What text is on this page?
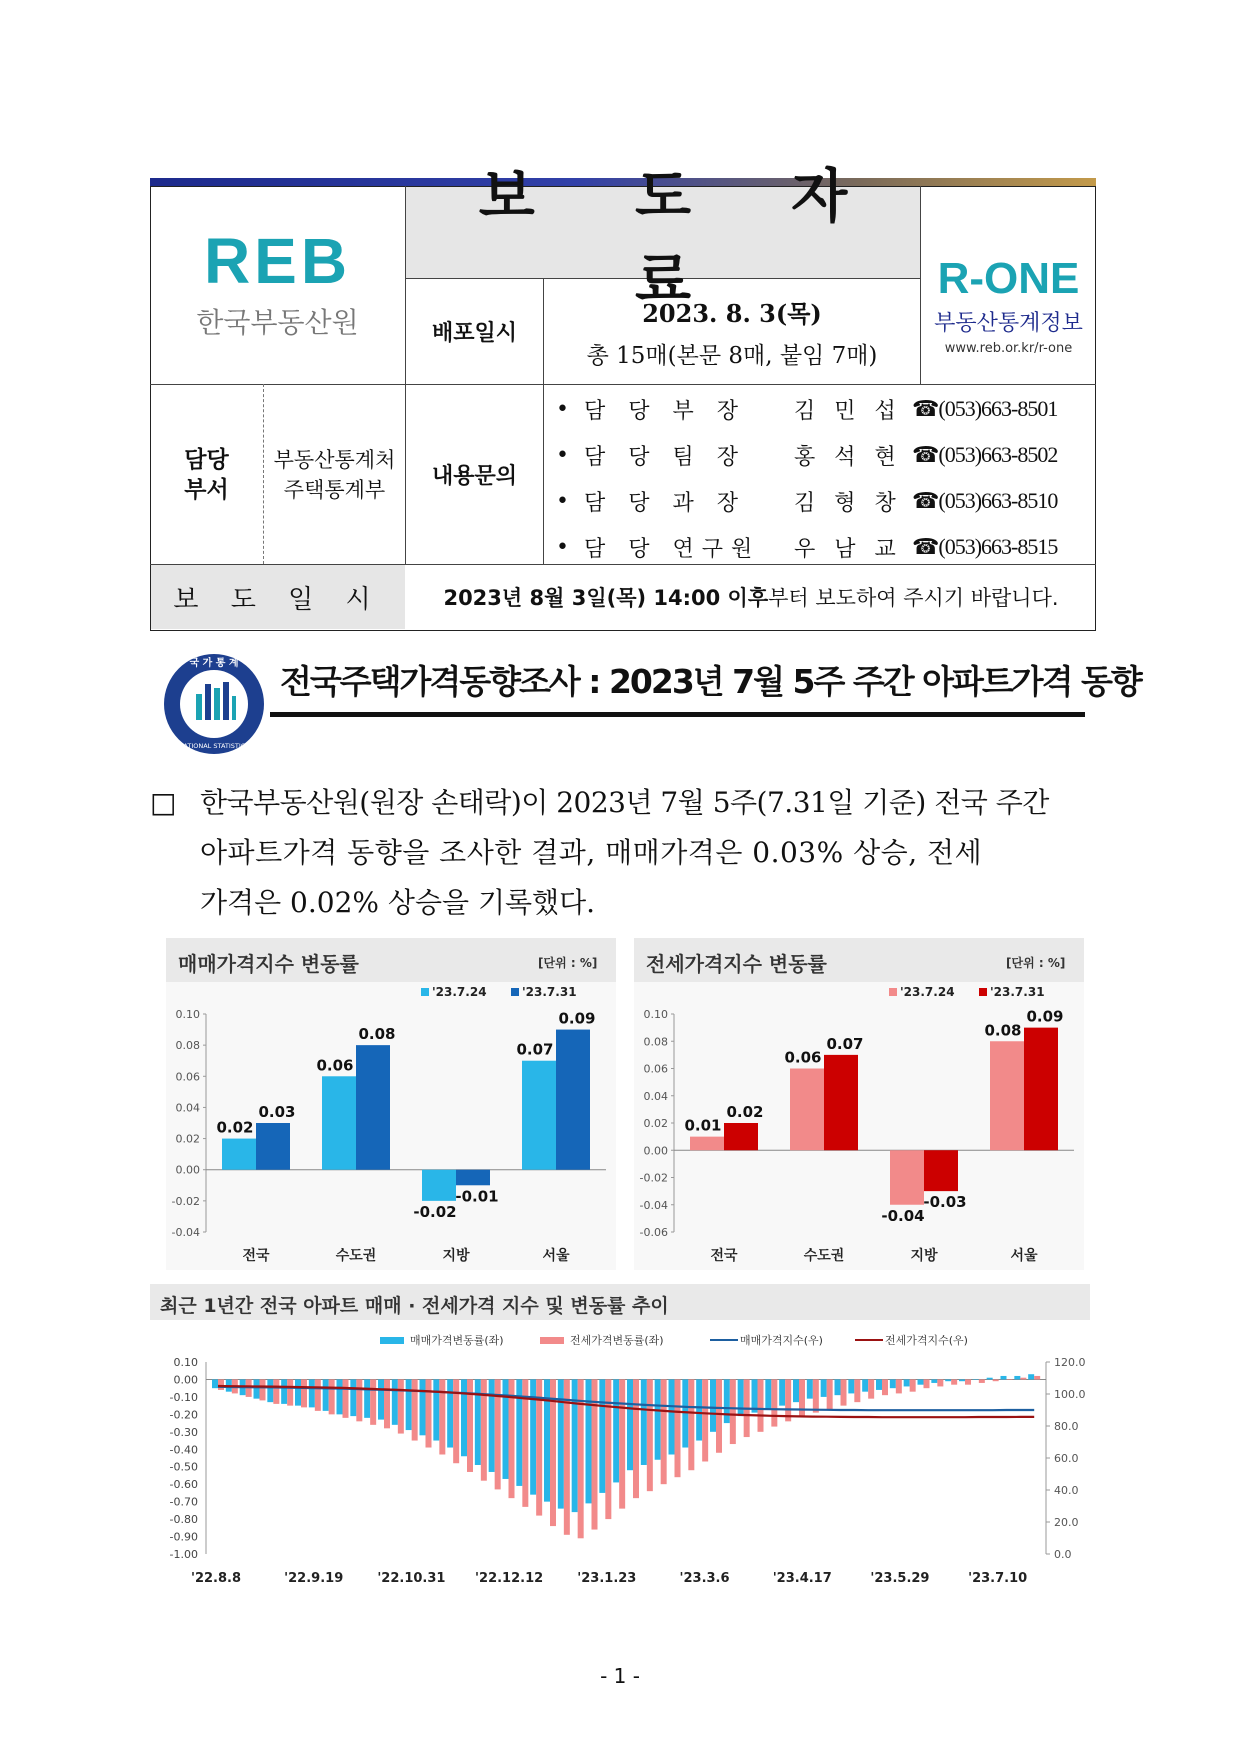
REB
한국부동산원
보 도 자 료	R-ONE
부동산통계정보
www.reb.or.kr/r-one
배포일시
2023. 8. 3(목)
총 15매(본문 8매, 붙임 7매)
담당
부서
부동산통계처
주택통계부
내용문의
• 담 당 부 장	김 민 섭 ☎(053)663-8501
• 담 당 팀 장	홍 석 현 ☎(053)663-8502
• 담 당 과 장	김 형 창 ☎(053)663-8510
• 담 당 연구원	우 남 교 ☎(053)663-8515
보 도 일 시	2023년 8월 3일(목) 14:00 이후 부터 보도하여 주시기 바랍니다.
국 가 통 계
NATIONAL STATISTICS
전국주택가격동향조사 : 2023년 7월 5주 주간 아파트가격 동향
□ 한국부동산원(원장 손태락)이 2023년 7월 5주(7.31일 기준) 전국 주간
아파트가격 동향을 조사한 결과, 매매가격은 0.03% 상승, 전세
가격은 0.02% 상승을 기록했다.
매매가격지수 변동률	[단위 : %]
0.10
0.08
0.06
0.04
0.02
0.00
-0.02
-0.04
'23.7.24	'23.7.31
0.02
0.03
전국
0.06
0.08
수도권
-0.02
-0.01
지방
0.07
0.09
서울
전세가격지수 변동률	[단위 : %]
0.10
0.08
0.06
0.04
0.02
0.00
-0.02
-0.04
-0.06
'23.7.24	'23.7.31
0.01
0.02
전국
0.06
0.07
수도권
-0.04
-0.03
지방
0.08
0.09
서울
최근 1년간 전국 아파트 매매 · 전세가격 지수 및 변동률 추이
매매가격변동률(좌)	전세가격변동률(좌)	매매가격지수(우)	전세가격지수(우)
0.10
0.00
-0.10
-0.20
-0.30
-0.40
-0.50
-0.60
-0.70
-0.80
-0.90
-1.00
120.0
100.0
80.0
60.0
40.0
20.0
0.0
'22.8.8	'22.9.19	'22.10.31 '22.12.12	'23.1.23	'23.3.6	'23.4.17	'23.5.29	'23.7.10
- 1 -
